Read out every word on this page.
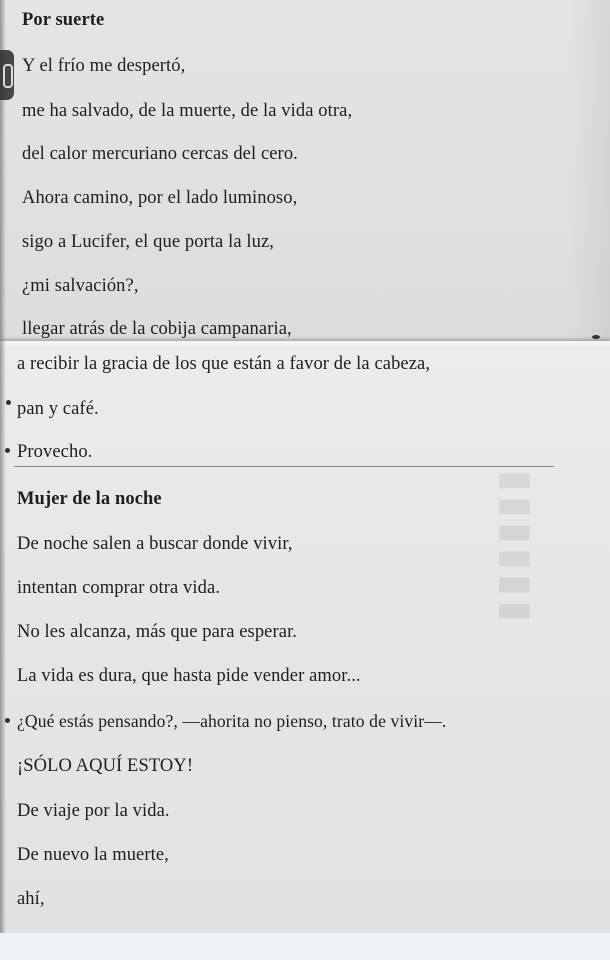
▮▮▮▮▮▮
Por suerte
Y el frío me despertó,
me ha salvado, de la muerte, de la vida otra,
del calor mercuriano cercas del cero.
Ahora camino, por el lado luminoso,
sigo a Lucifer, el que porta la luz,
¿mi salvación?,
llegar atrás de la cobija campanaria,
a recibir la gracia de los que están a favor de la cabeza,
pan y café.
Provecho.
Mujer de la noche
De noche salen a buscar donde vivir,
intentan comprar otra vida.
No les alcanza, más que para esperar.
La vida es dura, que hasta pide vender amor...
¿Qué estás pensando?, —ahorita no pienso, trato de vivir—.
¡SÓLO AQUÍ ESTOY!
De viaje por la vida.
De nuevo la muerte,
ahí,
